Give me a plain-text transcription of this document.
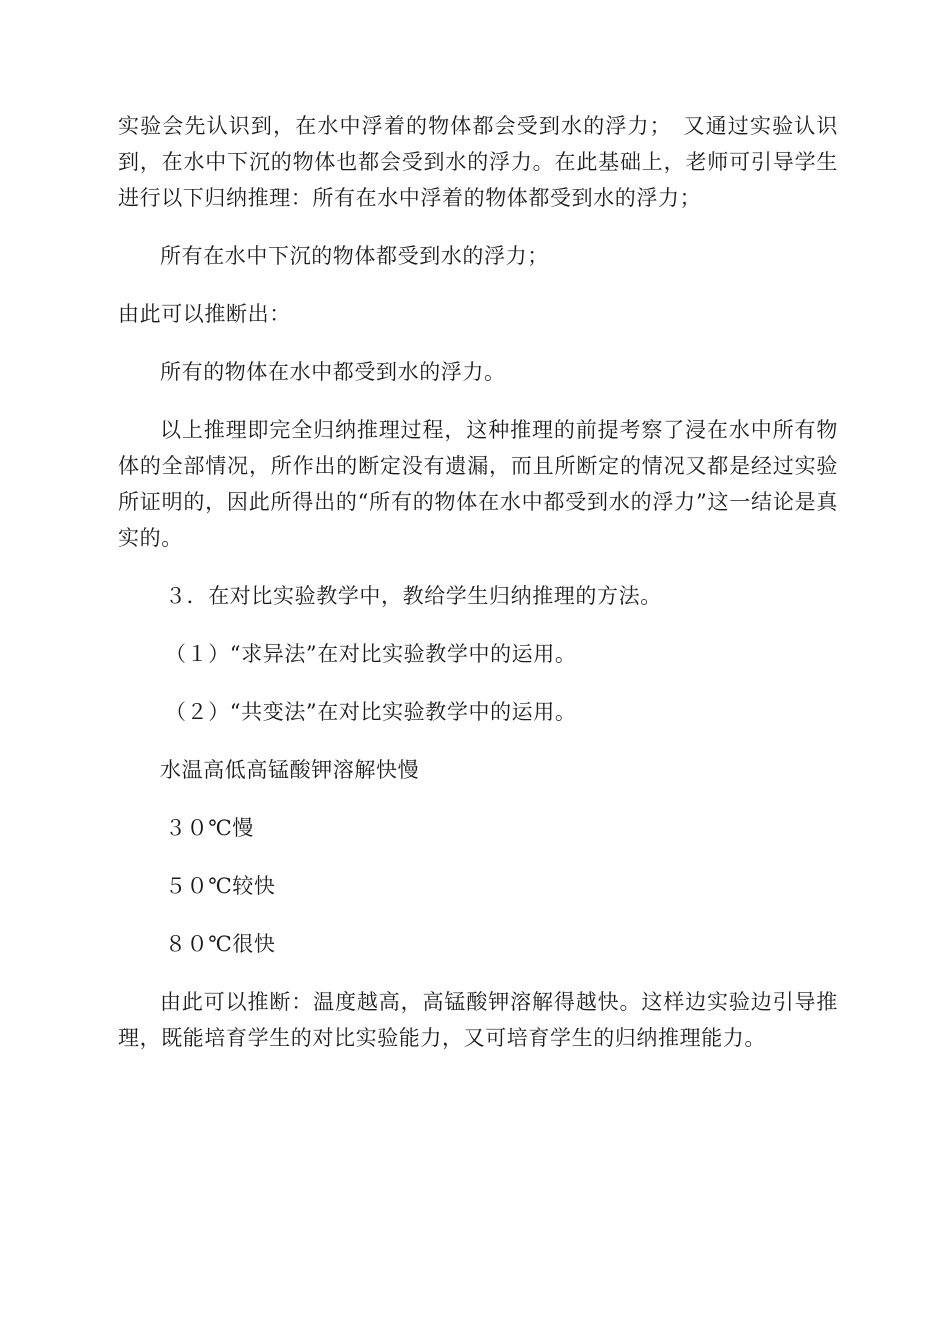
实验会先认识到，在水中浮着的物体都会受到水的浮力；　又通过实验认识到，在水中下沉的物体也都会受到水的浮力。在此基础上，老师可引导学生进行以下归纳推理：所有在水中浮着的物体都受到水的浮力；

所有在水中下沉的物体都受到水的浮力；

由此可以推断出：

所有的物体在水中都受到水的浮力。

以上推理即完全归纳推理过程，这种推理的前提考察了浸在水中所有物体的全部情况，所作出的断定没有遗漏，而且所断定的情况又都是经过实验所证明的，因此所得出的“所有的物体在水中都受到水的浮力”这一结论是真实的。

３．在对比实验教学中，教给学生归纳推理的方法。

（１）“求异法”在对比实验教学中的运用。

（２）“共变法”在对比实验教学中的运用。

水温高低高锰酸钾溶解快慢

３０℃慢

５０℃较快

８０℃很快

由此可以推断：温度越高，高锰酸钾溶解得越快。这样边实验边引导推理，既能培育学生的对比实验能力，又可培育学生的归纳推理能力。
